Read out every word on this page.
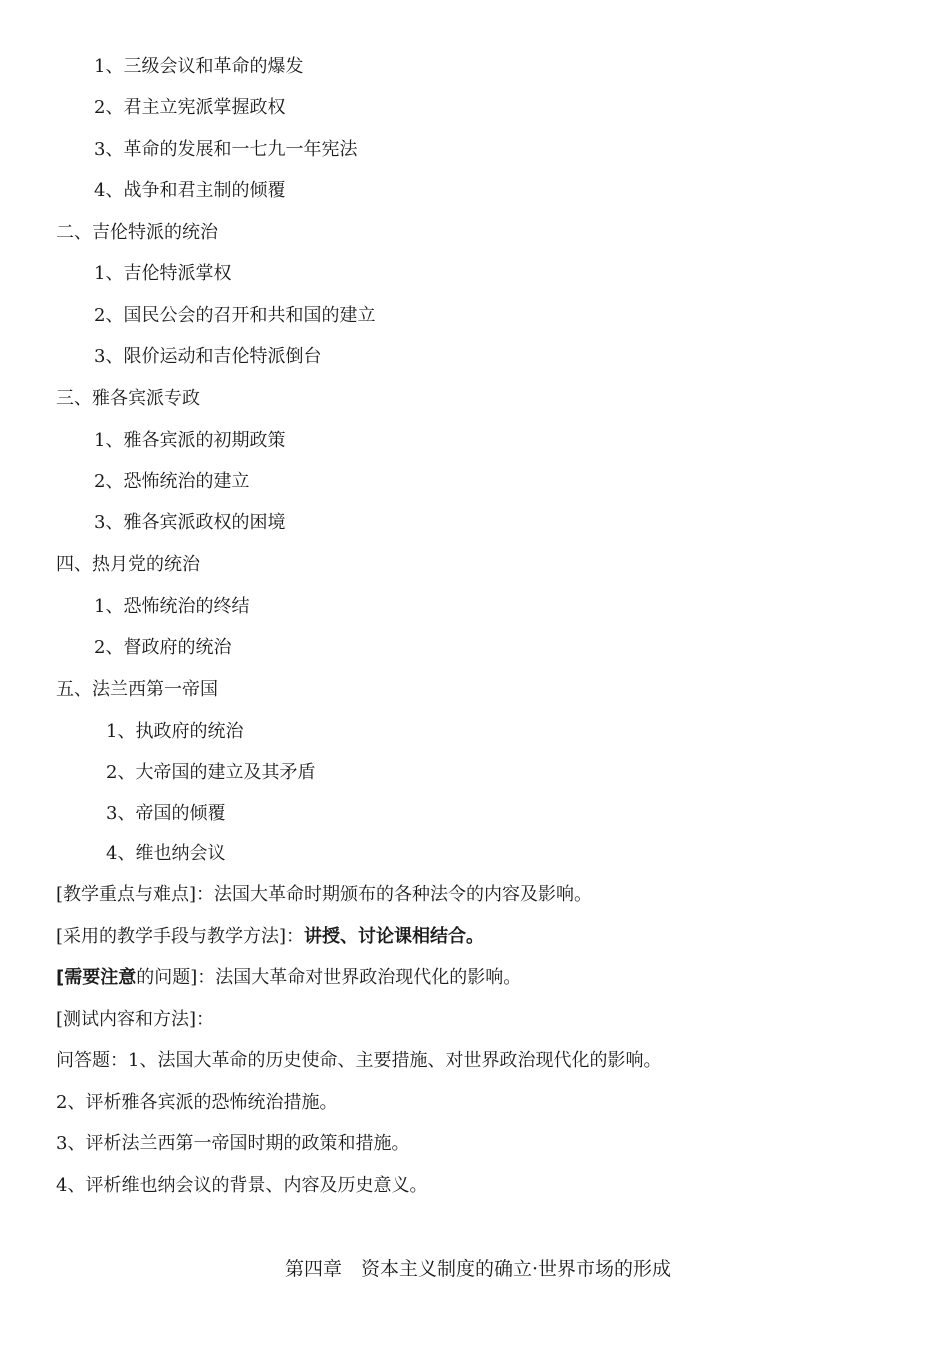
1、三级会议和革命的爆发
2、君主立宪派掌握政权
3、革命的发展和一七九一年宪法
4、战争和君主制的倾覆
二、吉伦特派的统治
1、吉伦特派掌权
2、国民公会的召开和共和国的建立
3、限价运动和吉伦特派倒台
三、雅各宾派专政
1、雅各宾派的初期政策
2、恐怖统治的建立
3、雅各宾派政权的困境
四、热月党的统治
1、恐怖统治的终结
2、督政府的统治
五、法兰西第一帝国
1、执政府的统治
2、大帝国的建立及其矛盾
3、帝国的倾覆
4、维也纳会议
[教学重点与难点]：法国大革命时期颁布的各种法令的内容及影响。
[采用的教学手段与教学方法]：讲授、讨论课相结合。
[需要注意的问题]：法国大革命对世界政治现代化的影响。
[测试内容和方法]：
问答题：1、法国大革命的历史使命、主要措施、对世界政治现代化的影响。
2、评析雅各宾派的恐怖统治措施。
3、评析法兰西第一帝国时期的政策和措施。
4、评析维也纳会议的背景、内容及历史意义。
第四章　资本主义制度的确立·世界市场的形成
